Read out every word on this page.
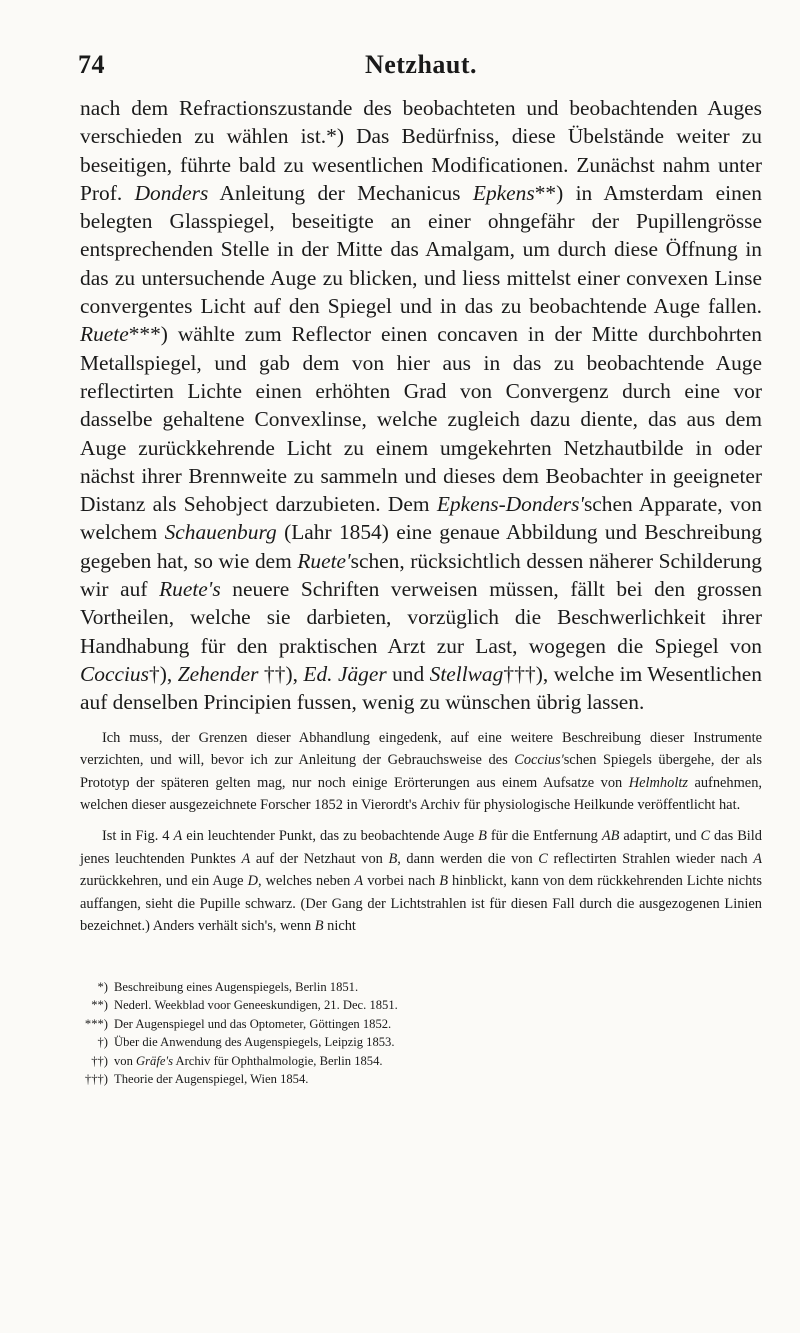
74	Netzhaut.

nach dem Refractionszustande des beobachteten und beobachtenden Auges verschieden zu wählen ist.*) Das Bedürfniss, diese Übelstände weiter zu beseitigen, führte bald zu wesentlichen Modificationen. Zunächst nahm unter Prof. Donders Anleitung der Mechanicus Epkens**) in Amsterdam einen belegten Glasspiegel, beseitigte an einer ohngefähr der Pupillengrösse entsprechenden Stelle in der Mitte das Amalgam, um durch diese Öffnung in das zu untersuchende Auge zu blicken, und liess mittelst einer convexen Linse convergentes Licht auf den Spiegel und in das zu beobachtende Auge fallen. Ruete***) wählte zum Reflector einen concaven in der Mitte durchbohrten Metallspiegel, und gab dem von hier aus in das zu beobachtende Auge reflectirten Lichte einen erhöhten Grad von Convergenz durch eine vor dasselbe gehaltene Convexlinse, welche zugleich dazu diente, das aus dem Auge zurückkehrende Licht zu einem umgekehrten Netzhautbilde in oder nächst ihrer Brennweite zu sammeln und dieses dem Beobachter in geeigneter Distanz als Sehobject darzubieten. Dem Epkens-Donders'schen Apparate, von welchem Schauenburg (Lahr 1854) eine genaue Abbildung und Beschreibung gegeben hat, so wie dem Ruete'schen, rücksichtlich dessen näherer Schilderung wir auf Ruete's neuere Schriften verweisen müssen, fällt bei den grossen Vortheilen, welche sie darbieten, vorzüglich die Beschwerlichkeit ihrer Handhabung für den praktischen Arzt zur Last, wogegen die Spiegel von Coccius†), Zehender ††), Ed. Jäger und Stellwag†††), welche im Wesentlichen auf denselben Principien fussen, wenig zu wünschen übrig lassen.

Ich muss, der Grenzen dieser Abhandlung eingedenk, auf eine weitere Beschreibung dieser Instrumente verzichten, und will, bevor ich zur Anleitung der Gebrauchsweise des Coccius'schen Spiegels übergehe, der als Prototyp der späteren gelten mag, nur noch einige Erörterungen aus einem Aufsatze von Helmholtz aufnehmen, welchen dieser ausgezeichnete Forscher 1852 in Vierordt's Archiv für physiologische Heilkunde veröffentlicht hat.

Ist in Fig. 4 A ein leuchtender Punkt, das zu beobachtende Auge B für die Entfernung AB adaptirt, und C das Bild jenes leuchtenden Punktes A auf der Netzhaut von B, dann werden die von C reflectirten Strahlen wieder nach A zurückkehren, und ein Auge D, welches neben A vorbei nach B hinblickt, kann von dem rückkehrenden Lichte nichts auffangen, sieht die Pupille schwarz. (Der Gang der Lichtstrahlen ist für diesen Fall durch die ausgezogenen Linien bezeichnet.) Anders verhält sich's, wenn B nicht

*) Beschreibung eines Augenspiegels, Berlin 1851.
**) Nederl. Weekblad voor Geneeskundigen, 21. Dec. 1851.
***) Der Augenspiegel und das Optometer, Göttingen 1852.
†) Über die Anwendung des Augenspiegels, Leipzig 1853.
††) von Gräfe's Archiv für Ophthalmologie, Berlin 1854.
†††) Theorie der Augenspiegel, Wien 1854.
